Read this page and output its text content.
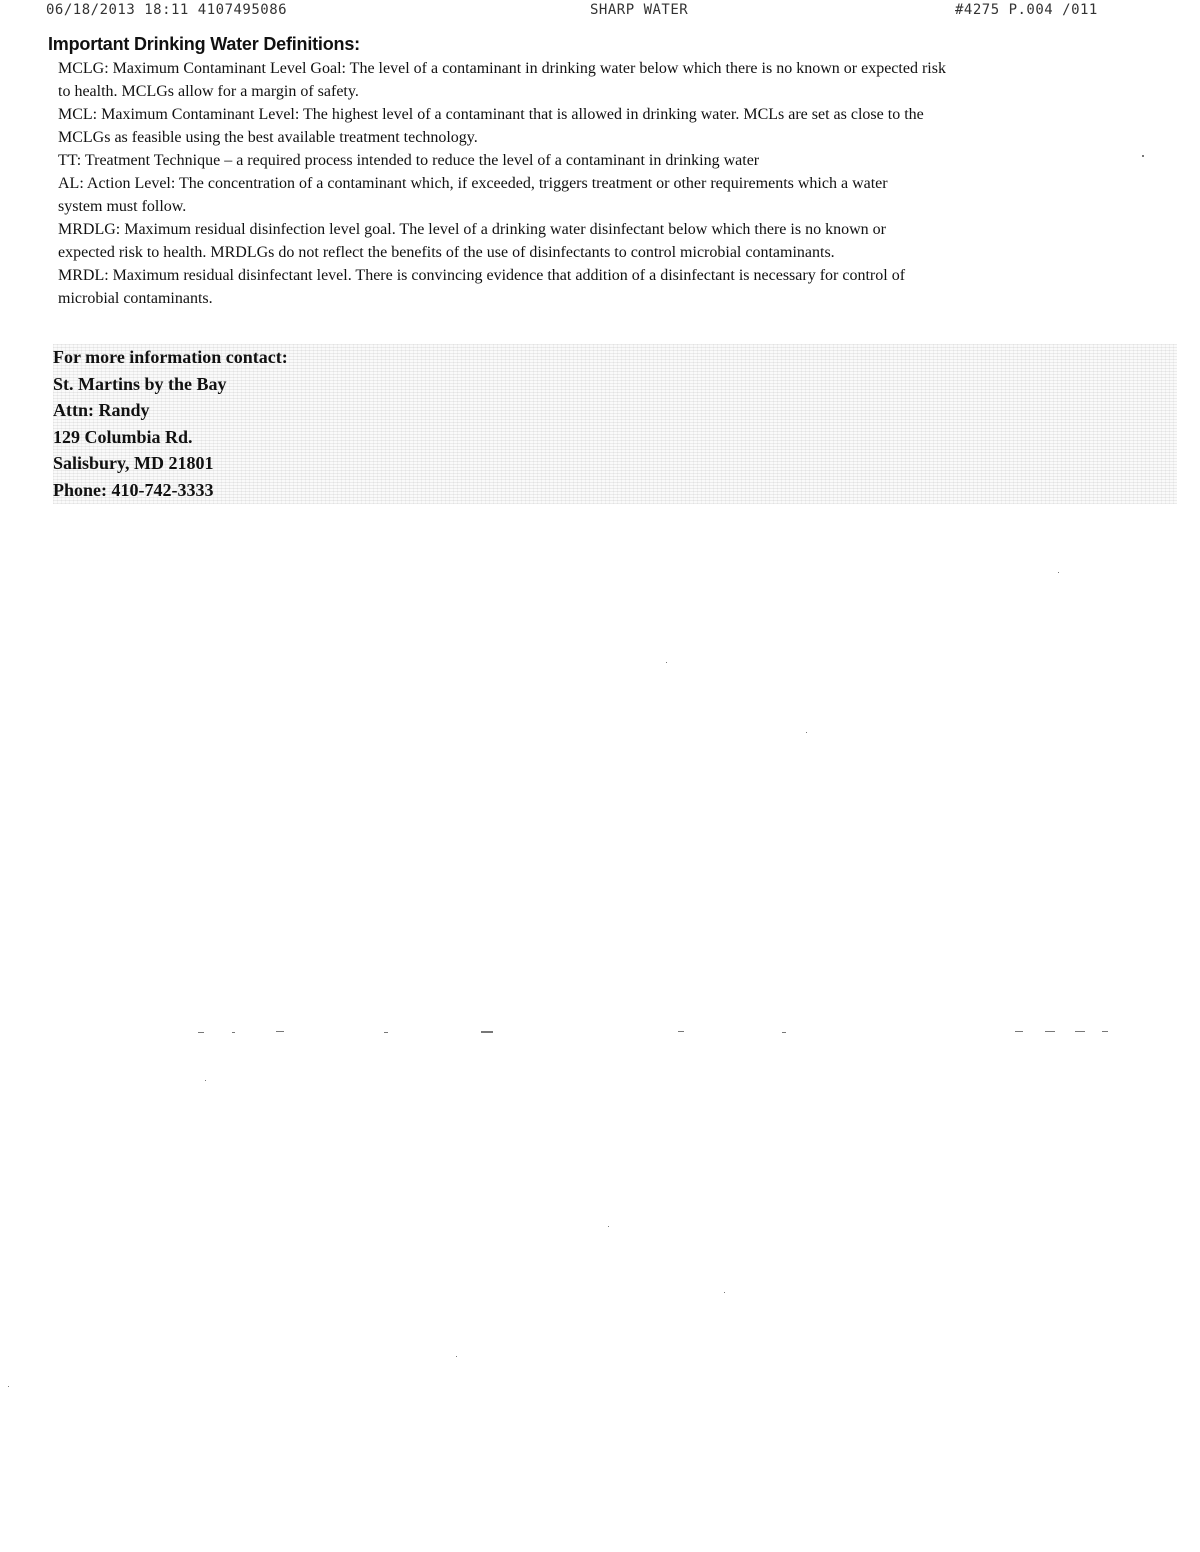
06/18/2013 18:11 4107495086	SHARP WATER	#4275 P.004 /011
Important Drinking Water Definitions:

MCLG: Maximum Contaminant Level Goal: The level of a contaminant in drinking water below which there is no known or expected risk

to health. MCLGs allow for a margin of safety.

MCL: Maximum Contaminant Level: The highest level of a contaminant that is allowed in drinking water. MCLs are set as close to the

MCLGs as feasible using the best available treatment technology.

TT: Treatment Technique – a required process intended to reduce the level of a contaminant in drinking water

AL: Action Level: The concentration of a contaminant which, if exceeded, triggers treatment or other requirements which a water

system must follow.

MRDLG: Maximum residual disinfection level goal. The level of a drinking water disinfectant below which there is no known or

expected risk to health. MRDLGs do not reflect the benefits of the use of disinfectants to control microbial contaminants.

MRDL: Maximum residual disinfectant level. There is convincing evidence that addition of a disinfectant is necessary for control of

microbial contaminants.

For more information contact:

St. Martins by the Bay

Attn: Randy

129 Columbia Rd.

Salisbury, MD 21801

Phone: 410-742-3333
